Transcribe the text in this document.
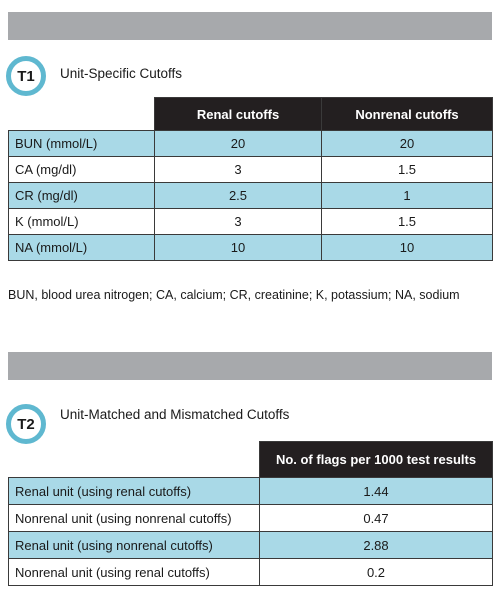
T1 Unit-Specific Cutoffs
	Renal cutoffs	Nonrenal cutoffs
BUN (mmol/L)	20	20
CA (mg/dl)	3	1.5
CR (mg/dl)	2.5	1
K (mmol/L)	3	1.5
NA (mmol/L)	10	10
BUN, blood urea nitrogen; CA, calcium; CR, creatinine; K, potassium; NA, sodium
T2
Unit-Matched and Mismatched Cutoffs
	No. of flags per 1000 test results
Renal unit (using renal cutoffs)	1.44
Nonrenal unit (using nonrenal cutoffs)	0.47
Renal unit (using nonrenal cutoffs)	2.88
Nonrenal unit (using renal cutoffs)	0.2
